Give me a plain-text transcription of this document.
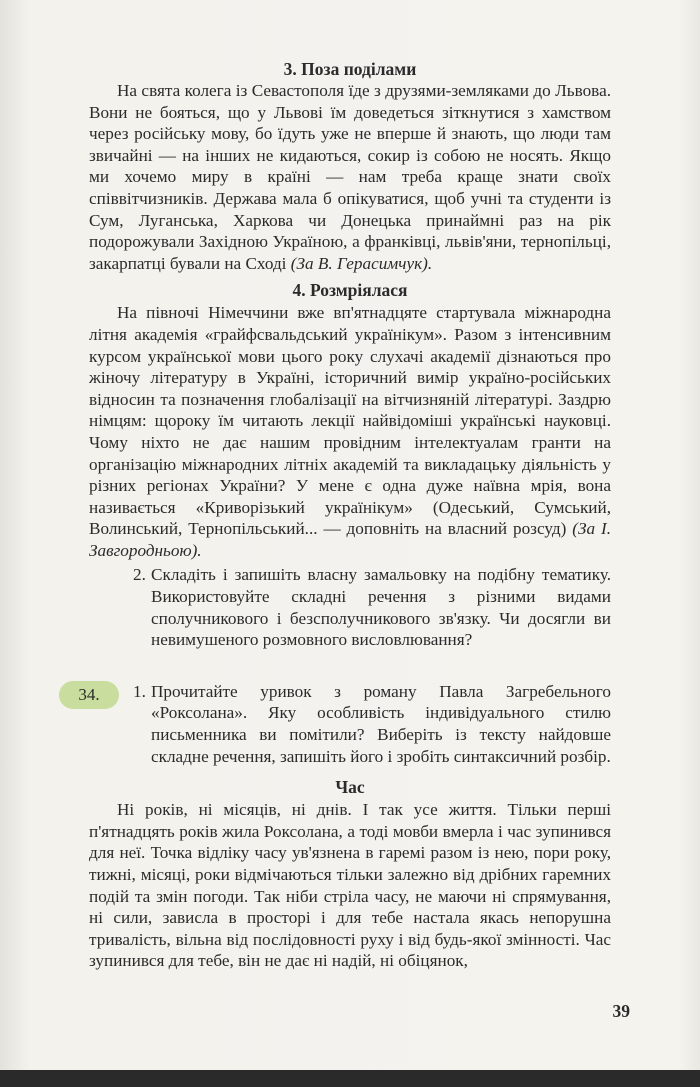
3. Поза поділами

На свята колега із Севастополя їде з друзями-земляками до Львова. Вони не бояться, що у Львові їм доведеться зіткнутися з хамством через російську мову, бо їдуть уже не вперше й знають, що люди там звичайні — на інших не кидаються, сокир із собою не носять. Якщо ми хочемо миру в країні — нам треба краще знати своїх співвітчизників. Держава мала б опікуватися, щоб учні та студенти із Сум, Луганська, Харкова чи Донецька принаймні раз на рік подорожували Західною Україною, а франківці, львів'яни, тернопільці, закарпатці бували на Сході (За В. Герасимчук).

4. Розмріялася

На півночі Німеччини вже вп'ятнадцяте стартувала міжнародна літня академія «грайфсвальдський українікум». Разом з інтенсивним курсом української мови цього року слухачі академії дізнаються про жіночу літературу в Україні, історичний вимір україно-російських відносин та позначення глобалізації на вітчизняній літературі. Заздрю німцям: щороку їм читають лекції найвідоміші українські науковці. Чому ніхто не дає нашим провідним інтелектуалам гранти на організацію міжнародних літніх академій та викладацьку діяльність у різних регіонах України? У мене є одна дуже наївна мрія, вона називається «Криворізький українікум» (Одеський, Сумський, Волинський, Тернопільський... — доповніть на власний розсуд) (За І. Завгородньою).

2. Складіть і запишіть власну замальовку на подібну тематику. Використовуйте складні речення з різними видами сполучникового і безсполучникового зв'язку. Чи досягли ви невимушеного розмовного висловлювання?

34.	1. Прочитайте уривок з роману Павла Загребельного «Роксолана». Яку особливість індивідуального стилю письменника ви помітили? Виберіть із тексту найдовше складне речення, запишіть його і зробіть синтаксичний розбір.

Час

Ні років, ні місяців, ні днів. І так усе життя. Тільки перші п'ятнадцять років жила Роксолана, а тоді мовби вмерла і час зупинився для неї. Точка відліку часу ув'язнена в гаремі разом із нею, пори року, тижні, місяці, роки відмічаються тільки залежно від дрібних гаремних подій та змін погоди. Так ніби стріла часу, не маючи ні спрямування, ні сили, зависла в просторі і для тебе настала якась непорушна тривалість, вільна від послідовності руху і від будь-якої змінності. Час зупинився для тебе, він не дає ні надій, ні обіцянок,

39
